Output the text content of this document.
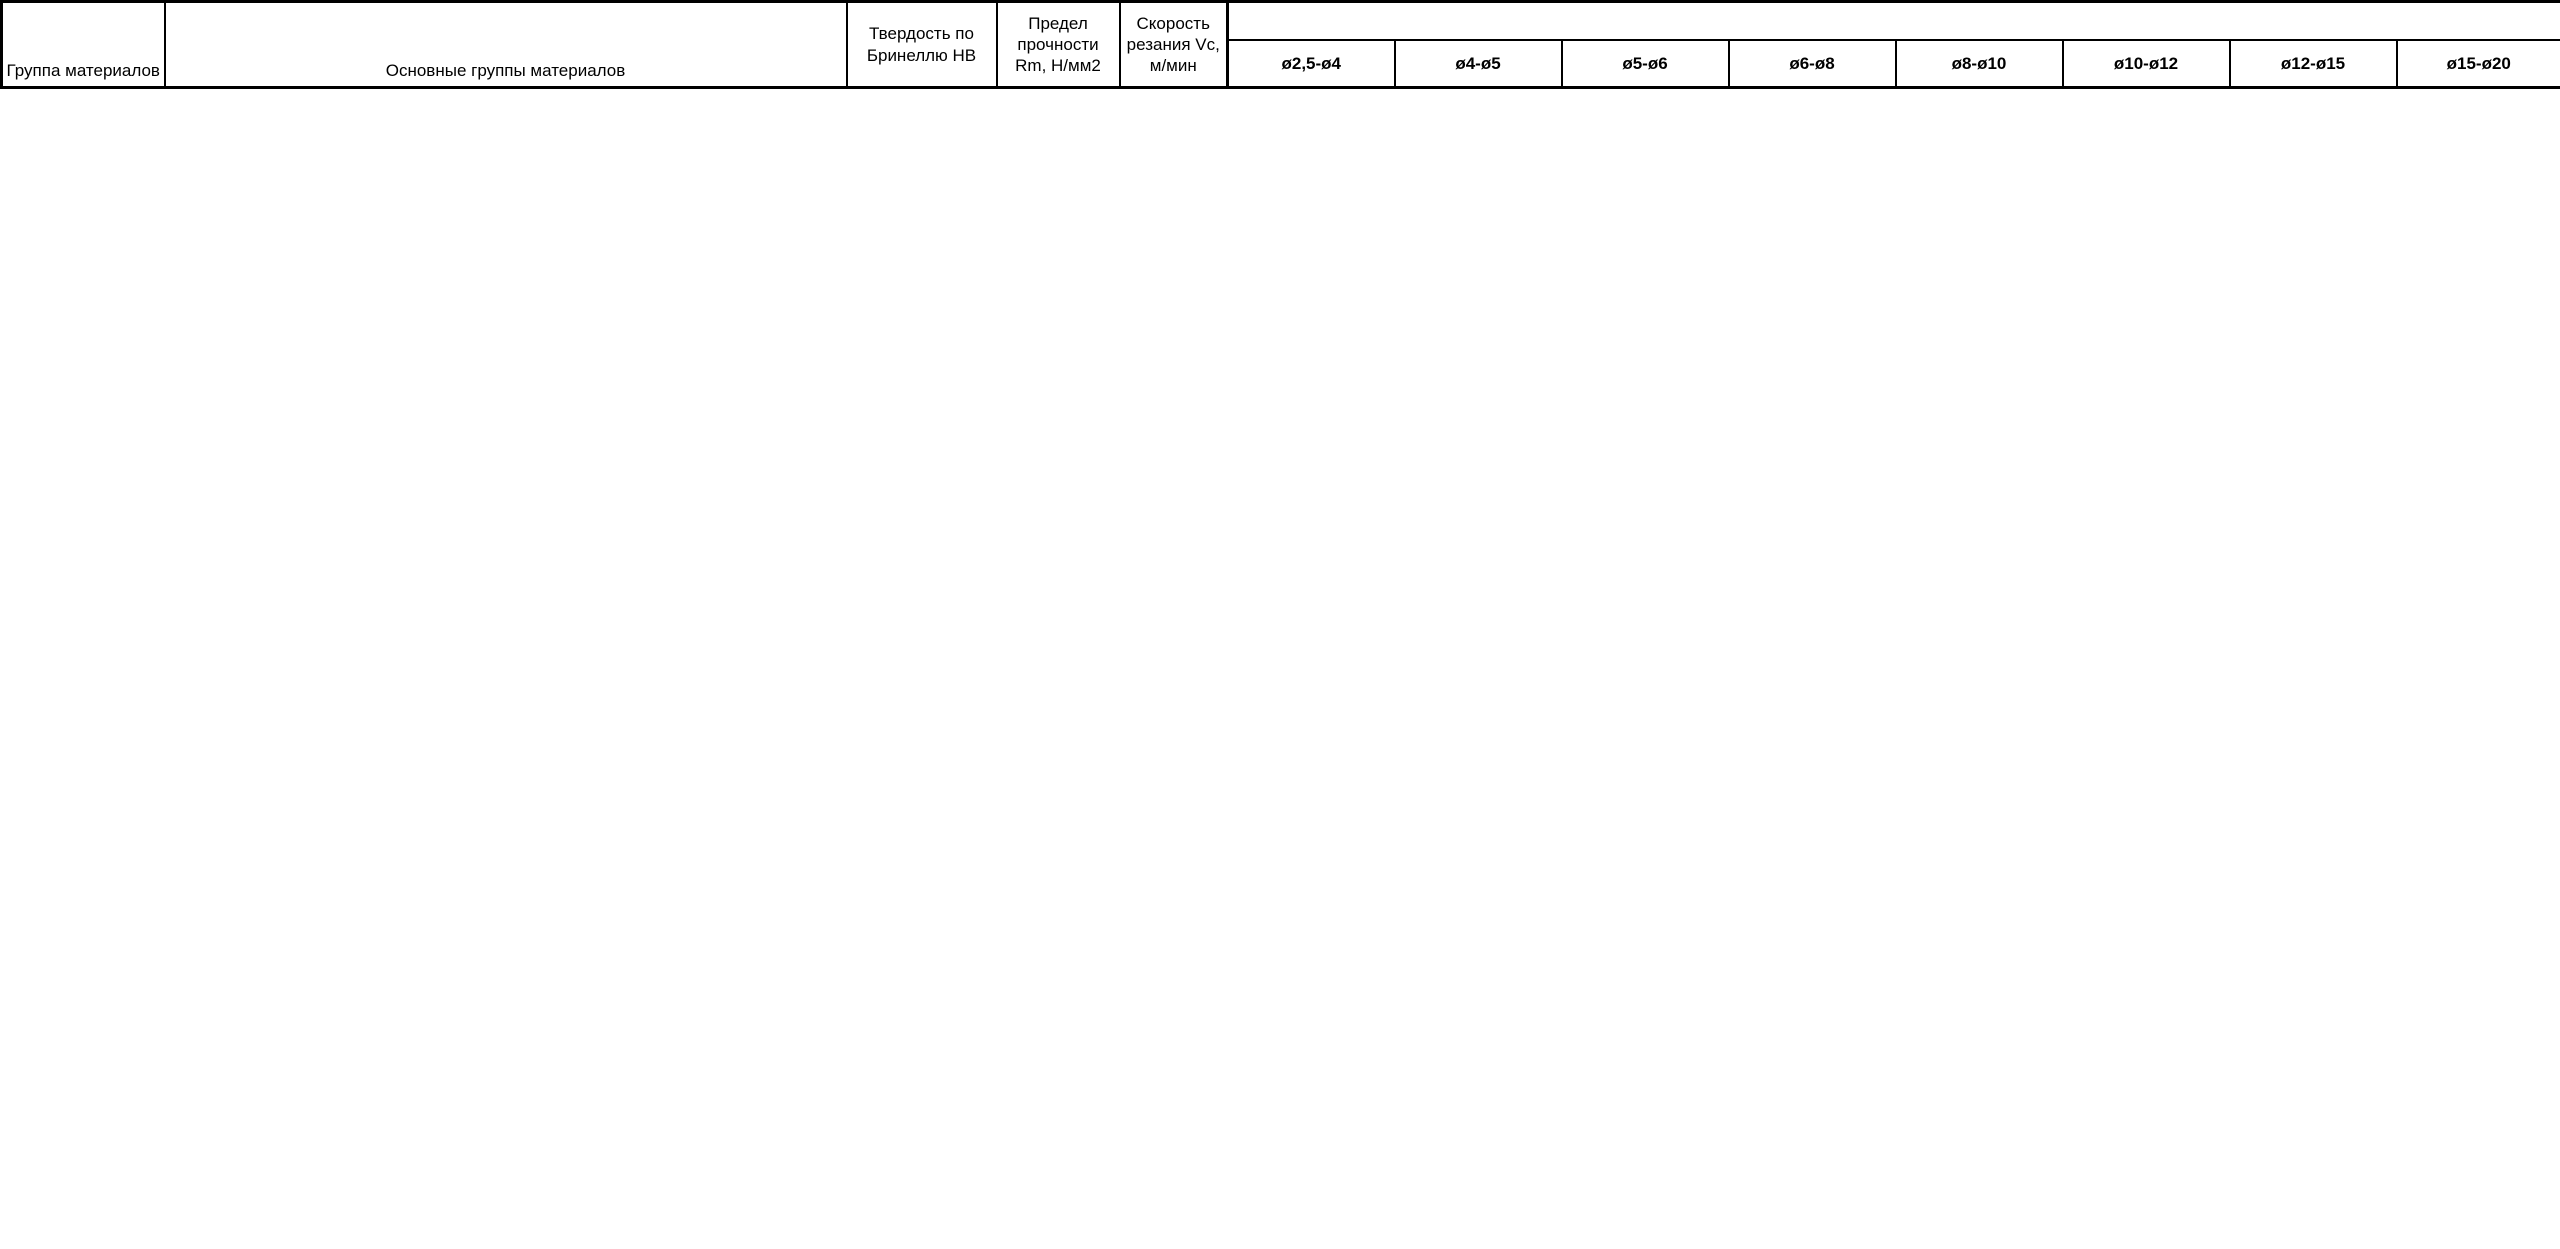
Группа материалов	Основные группы материалов	Твердость по Бринеллю HB	Предел прочности Rm, Н/мм2	Скорость резания Vc, м/мин								
					ø2,5-ø4	ø4-ø5	ø5-ø6	ø6-ø8	ø8-ø10	ø10-ø12	ø12-ø15	ø15-ø20
